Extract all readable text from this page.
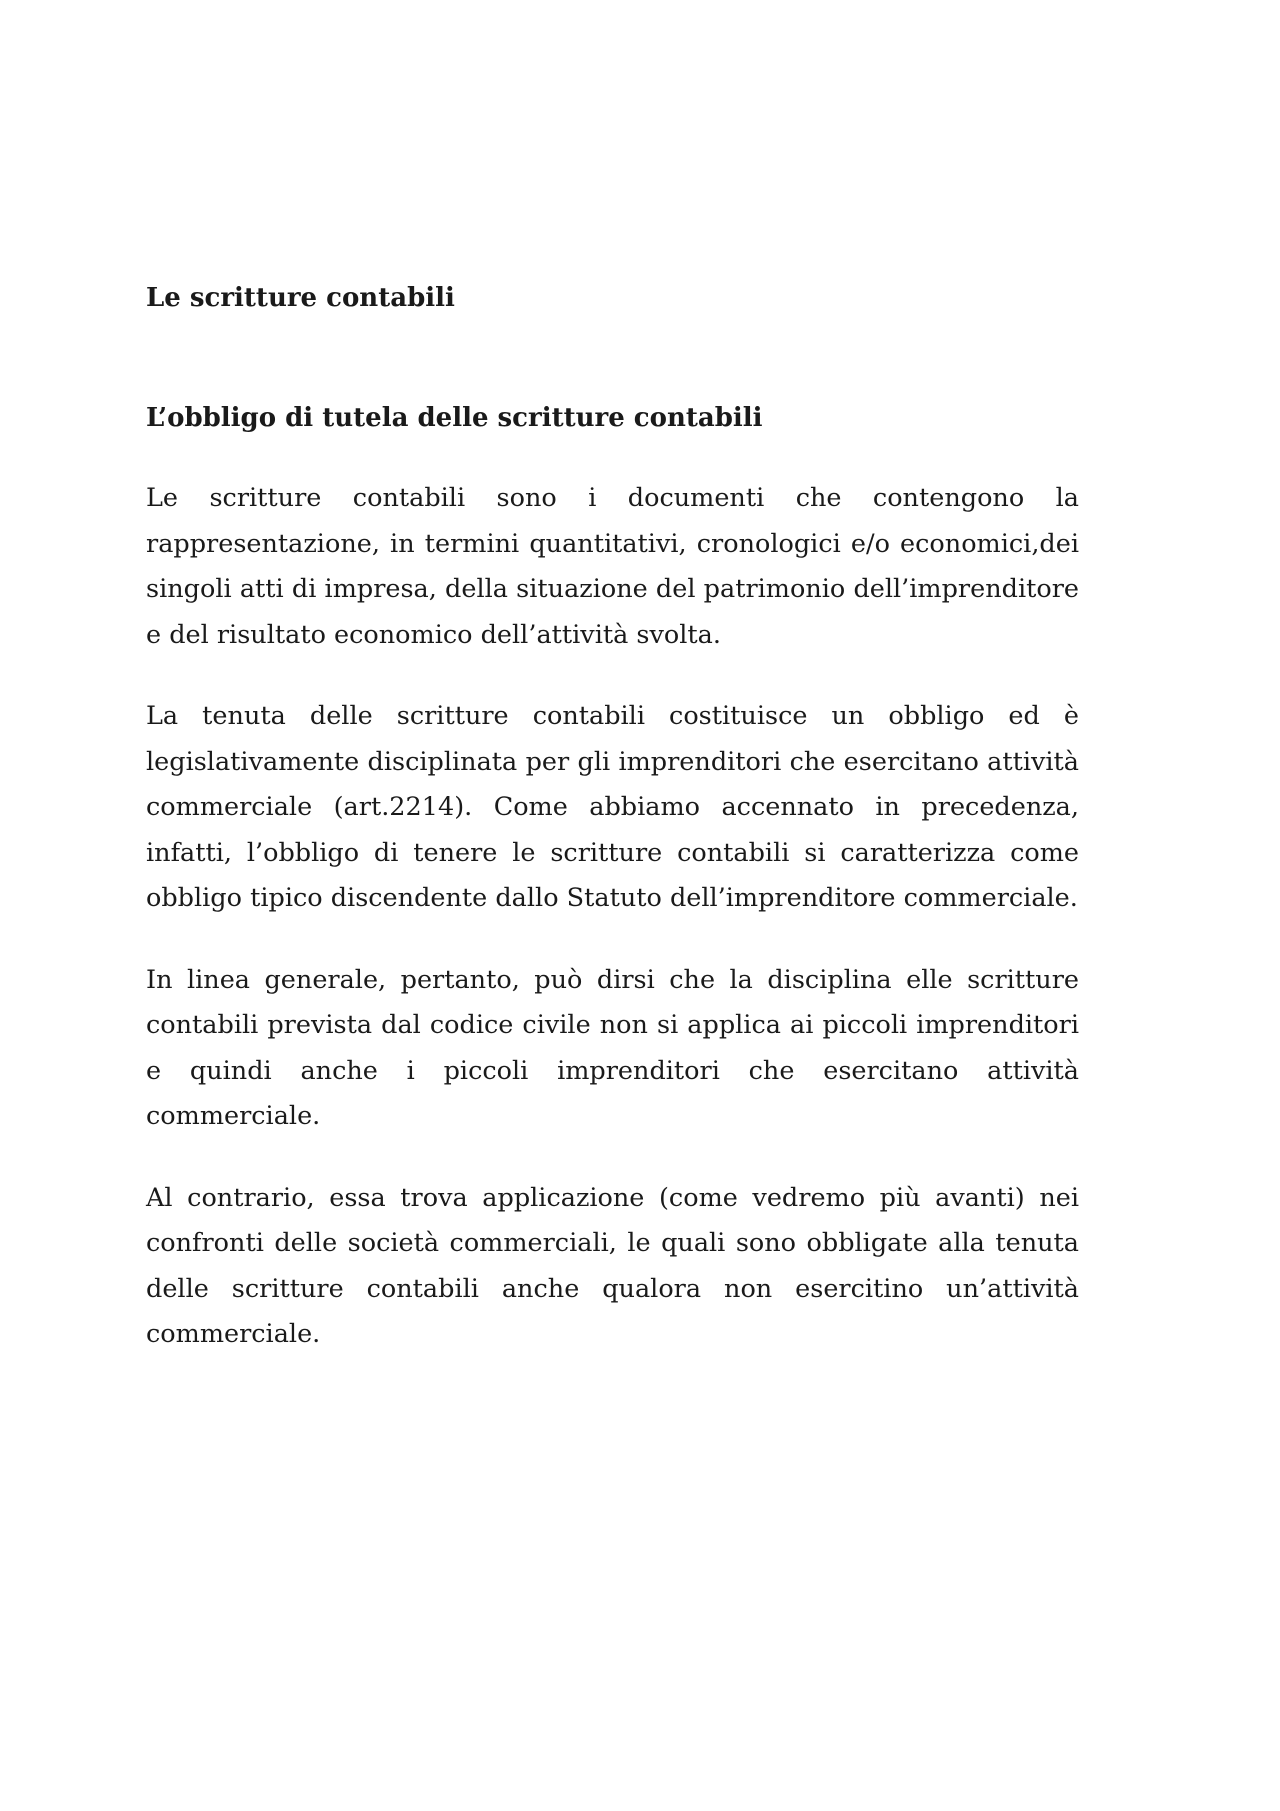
Le scritture contabili
L’obbligo di tutela delle scritture contabili

Le scritture contabili sono i documenti che contengono la rappresentazione, in termini quantitativi, cronologici e/o economici,dei singoli atti di impresa, della situazione del patrimonio dell’imprenditore e del risultato economico dell’attività svolta.

La tenuta delle scritture contabili costituisce un obbligo ed è legislativamente disciplinata per gli imprenditori che esercitano attività commerciale (art.2214). Come abbiamo accennato in precedenza, infatti, l’obbligo di tenere le scritture contabili si caratterizza come obbligo tipico discendente dallo Statuto dell’imprenditore commerciale.

In linea generale, pertanto, può dirsi che la disciplina elle scritture contabili prevista dal codice civile non si applica ai piccoli imprenditori e quindi anche i piccoli imprenditori che esercitano attività commerciale.

Al contrario, essa trova applicazione (come vedremo più avanti) nei confronti delle società commerciali, le quali sono obbligate alla tenuta delle scritture contabili anche qualora non esercitino un’attività commerciale.
